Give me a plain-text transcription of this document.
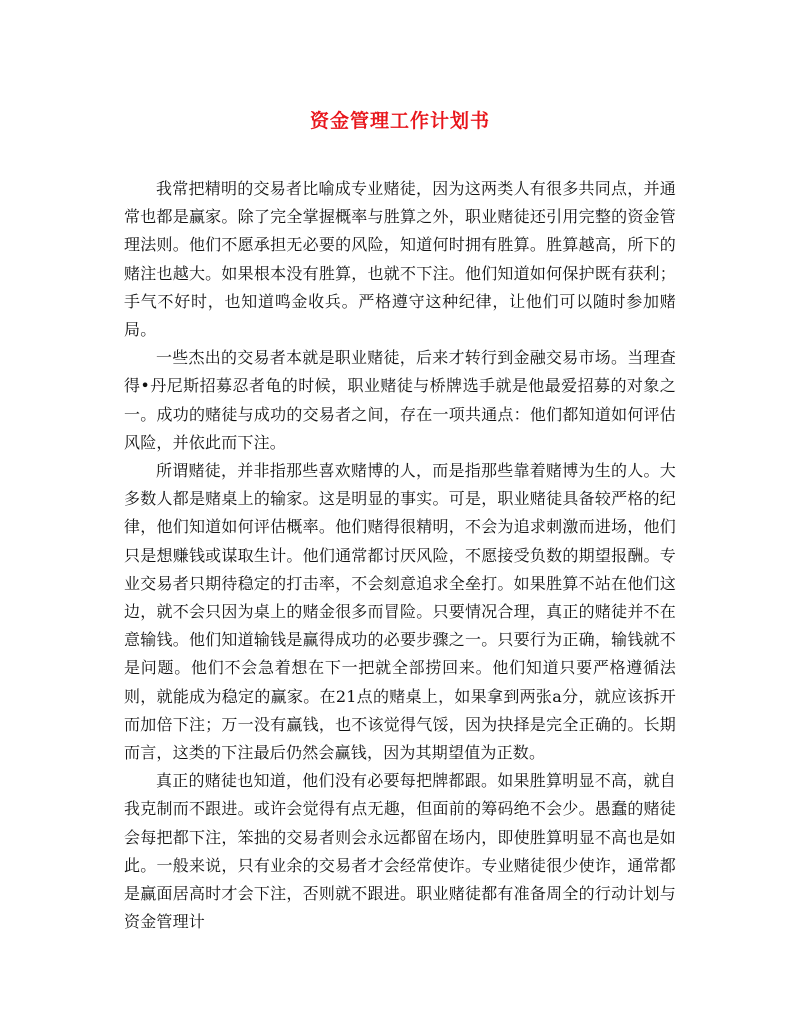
资金管理工作计划书

我常把精明的交易者比喻成专业赌徒，因为这两类人有很多共同点，并通常也都是赢家。除了完全掌握概率与胜算之外，职业赌徒还引用完整的资金管理法则。他们不愿承担无必要的风险，知道何时拥有胜算。胜算越高，所下的赌注也越大。如果根本没有胜算，也就不下注。他们知道如何保护既有获利；手气不好时，也知道鸣金收兵。严格遵守这种纪律，让他们可以随时参加赌局。

一些杰出的交易者本就是职业赌徒，后来才转行到金融交易市场。当理查得•丹尼斯招募忍者龟的时候，职业赌徒与桥牌选手就是他最爱招募的对象之一。成功的赌徒与成功的交易者之间，存在一项共通点：他们都知道如何评估风险，并依此而下注。

所谓赌徒，并非指那些喜欢赌博的人，而是指那些靠着赌博为生的人。大多数人都是赌桌上的输家。这是明显的事实。可是，职业赌徒具备较严格的纪律，他们知道如何评估概率。他们赌得很精明，不会为追求刺激而进场，他们只是想赚钱或谋取生计。他们通常都讨厌风险，不愿接受负数的期望报酬。专业交易者只期待稳定的打击率，不会刻意追求全垒打。如果胜算不站在他们这边，就不会只因为桌上的赌金很多而冒险。只要情况合理，真正的赌徒并不在意输钱。他们知道输钱是赢得成功的必要步骤之一。只要行为正确，输钱就不是问题。他们不会急着想在下一把就全部捞回来。他们知道只要严格遵循法则，就能成为稳定的赢家。在21点的赌桌上，如果拿到两张a分，就应该拆开而加倍下注；万一没有赢钱，也不该觉得气馁，因为抉择是完全正确的。长期而言，这类的下注最后仍然会赢钱，因为其期望值为正数。

真正的赌徒也知道，他们没有必要每把牌都跟。如果胜算明显不高，就自我克制而不跟进。或许会觉得有点无趣，但面前的筹码绝不会少。愚蠢的赌徒会每把都下注，笨拙的交易者则会永远都留在场内，即使胜算明显不高也是如此。一般来说，只有业余的交易者才会经常使诈。专业赌徒很少使诈，通常都是赢面居高时才会下注，否则就不跟进。职业赌徒都有准备周全的行动计划与资金管理计
